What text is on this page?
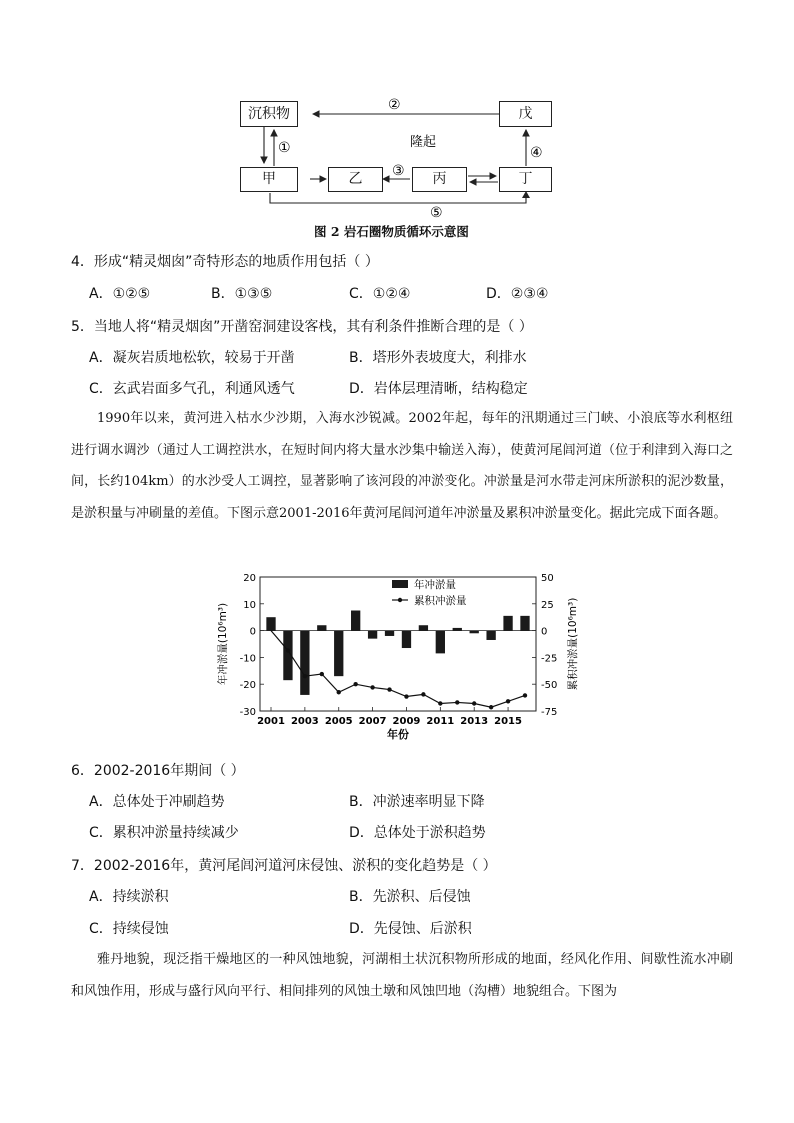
①
②
③
④
⑤
隆起
沉积物	戊
甲	乙	丙	丁
图 2 岩石圈物质循环示意图
4．形成“精灵烟囱”奇特形态的地质作用包括（ ）
A．①②⑤	B．①③⑤	C．①②④	D．②③④
5．当地人将“精灵烟囱”开凿窑洞建设客栈，其有利条件推断合理的是（ ）
A．凝灰岩质地松软，较易于开凿	B．塔形外表坡度大，利排水
C．玄武岩面多气孔，利通风透气	D．岩体层理清晰，结构稳定
1990年以来，黄河进入枯水少沙期，入海水沙锐减。2002年起，每年的汛期通过三门峡、小浪底等水利枢纽进行调水调沙（通过人工调控洪水，在短时间内将大量水沙集中输送入海），使黄河尾闾河道（位于利津到入海口之间，长约104km）的水沙受人工调控，显著影响了该河段的冲淤变化。冲淤量是河水带走河床所淤积的泥沙数量，是淤积量与冲刷量的差值。下图示意2001-2016年黄河尾闾河道年冲淤量及累积冲淤量变化。据此完成下面各题。
20
10
0
-10
-20
-30
50
25
0
-25
-50
-75
2001 2003 2005 2007 2009 2011 2013 2015
年冲淤量
累积冲淤量
年冲淤量(10⁶m³)	累积冲淤量(10⁶m³)
年份
6．2002-2016年期间（ ）
A．总体处于冲刷趋势	B．冲淤速率明显下降
C．累积冲淤量持续减少	D．总体处于淤积趋势
7．2002-2016年，黄河尾闾河道河床侵蚀、淤积的变化趋势是（ ）
A．持续淤积	B．先淤积、后侵蚀
C．持续侵蚀	D．先侵蚀、后淤积
雅丹地貌，现泛指干燥地区的一种风蚀地貌，河湖相土状沉积物所形成的地面，经风化作用、间歇性流水冲刷和风蚀作用，形成与盛行风向平行、相间排列的风蚀土墩和风蚀凹地（沟槽）地貌组合。下图为
